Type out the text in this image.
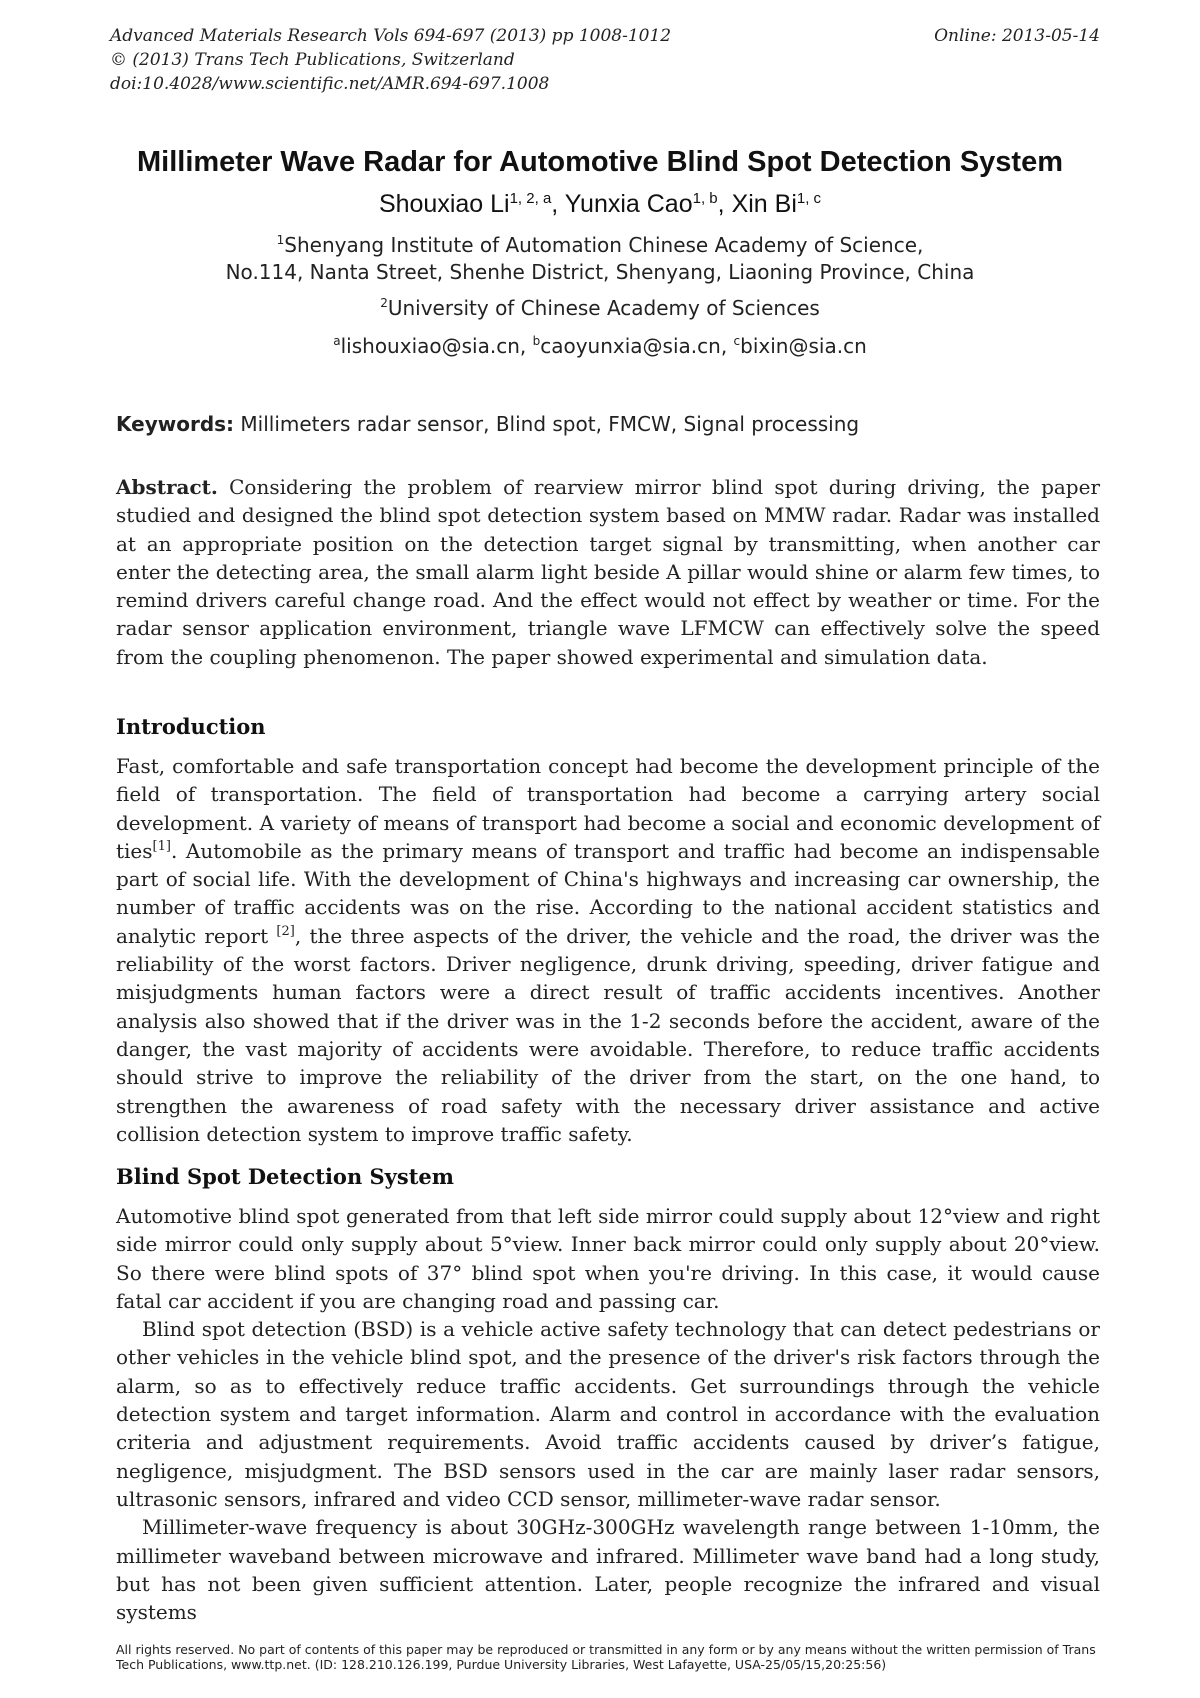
Advanced Materials Research Vols 694-697 (2013) pp 1008-1012	Online: 2013-05-14
© (2013) Trans Tech Publications, Switzerland
doi:10.4028/www.scientific.net/AMR.694-697.1008
Millimeter Wave Radar for Automotive Blind Spot Detection System
Shouxiao Li$^{1, 2, a}$, Yunxia Cao$^{1, b}$, Xin Bi$^{1, c}$
$^1$Shenyang Institute of Automation Chinese Academy of Science,
No.114, Nanta Street, Shenhe District, Shenyang, Liaoning Province, China
$^2$University of Chinese Academy of Sciences
$^a$lishouxiao@sia.cn, $^b$caoyunxia@sia.cn, $^c$bixin@sia.cn
Keywords: Millimeters radar sensor, Blind spot, FMCW, Signal processing

Abstract. Considering the problem of rearview mirror blind spot during driving, the paper studied and designed the blind spot detection system based on MMW radar. Radar was installed at an appropriate position on the detection target signal by transmitting, when another car enter the detecting area, the small alarm light beside A pillar would shine or alarm few times, to remind drivers careful change road. And the effect would not effect by weather or time. For the radar sensor application environment, triangle wave LFMCW can effectively solve the speed from the coupling phenomenon. The paper showed experimental and simulation data.

Introduction

Fast, comfortable and safe transportation concept had become the development principle of the field of transportation. The field of transportation had become a carrying artery social development. A variety of means of transport had become a social and economic development of ties[1]. Automobile as the primary means of transport and traffic had become an indispensable part of social life. With the development of China's highways and increasing car ownership, the number of traffic accidents was on the rise. According to the national accident statistics and analytic report [2], the three aspects of the driver, the vehicle and the road, the driver was the reliability of the worst factors. Driver negligence, drunk driving, speeding, driver fatigue and misjudgments human factors were a direct result of traffic accidents incentives. Another analysis also showed that if the driver was in the 1-2 seconds before the accident, aware of the danger, the vast majority of accidents were avoidable. Therefore, to reduce traffic accidents should strive to improve the reliability of the driver from the start, on the one hand, to strengthen the awareness of road safety with the necessary driver assistance and active collision detection system to improve traffic safety.

Blind Spot Detection System

Automotive blind spot generated from that left side mirror could supply about 12°view and right side mirror could only supply about 5°view. Inner back mirror could only supply about 20°view. So there were blind spots of 37° blind spot when you're driving. In this case, it would cause fatal car accident if you are changing road and passing car.

Blind spot detection (BSD) is a vehicle active safety technology that can detect pedestrians or other vehicles in the vehicle blind spot, and the presence of the driver's risk factors through the alarm, so as to effectively reduce traffic accidents. Get surroundings through the vehicle detection system and target information. Alarm and control in accordance with the evaluation criteria and adjustment requirements. Avoid traffic accidents caused by driver’s fatigue, negligence, misjudgment. The BSD sensors used in the car are mainly laser radar sensors, ultrasonic sensors, infrared and video CCD sensor, millimeter-wave radar sensor.

Millimeter-wave frequency is about 30GHz-300GHz wavelength range between 1-10mm, the millimeter waveband between microwave and infrared. Millimeter wave band had a long study, but has not been given sufficient attention. Later, people recognize the infrared and visual systems

All rights reserved. No part of contents of this paper may be reproduced or transmitted in any form or by any means without the written permission of Trans Tech Publications, www.ttp.net. (ID: 128.210.126.199, Purdue University Libraries, West Lafayette, USA-25/05/15,20:25:56)
